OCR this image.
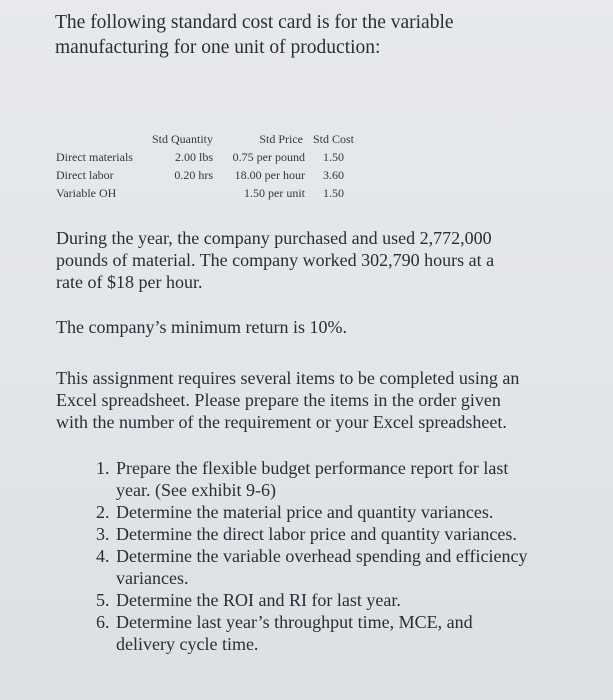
The following standard cost card is for the variable
manufacturing for one unit of production:
	Std Quantity	Std Price	Std Cost
Direct materials	2.00 lbs	0.75 per pound	1.50
Direct labor	0.20 hrs	18.00 per hour	3.60
Variable OH		1.50 per unit	1.50

During the year, the company purchased and used 2,772,000
pounds of material. The company worked 302,790 hours at a
rate of $18 per hour.

The company’s minimum return is 10%.

This assignment requires several items to be completed using an
Excel spreadsheet. Please prepare the items in the order given
with the number of the requirement or your Excel spreadsheet.

1. Prepare the flexible budget performance report for last
year. (See exhibit 9-6)
2. Determine the material price and quantity variances.
3. Determine the direct labor price and quantity variances.
4. Determine the variable overhead spending and efficiency
variances.
5. Determine the ROI and RI for last year.
6. Determine last year’s throughput time, MCE, and
delivery cycle time.
